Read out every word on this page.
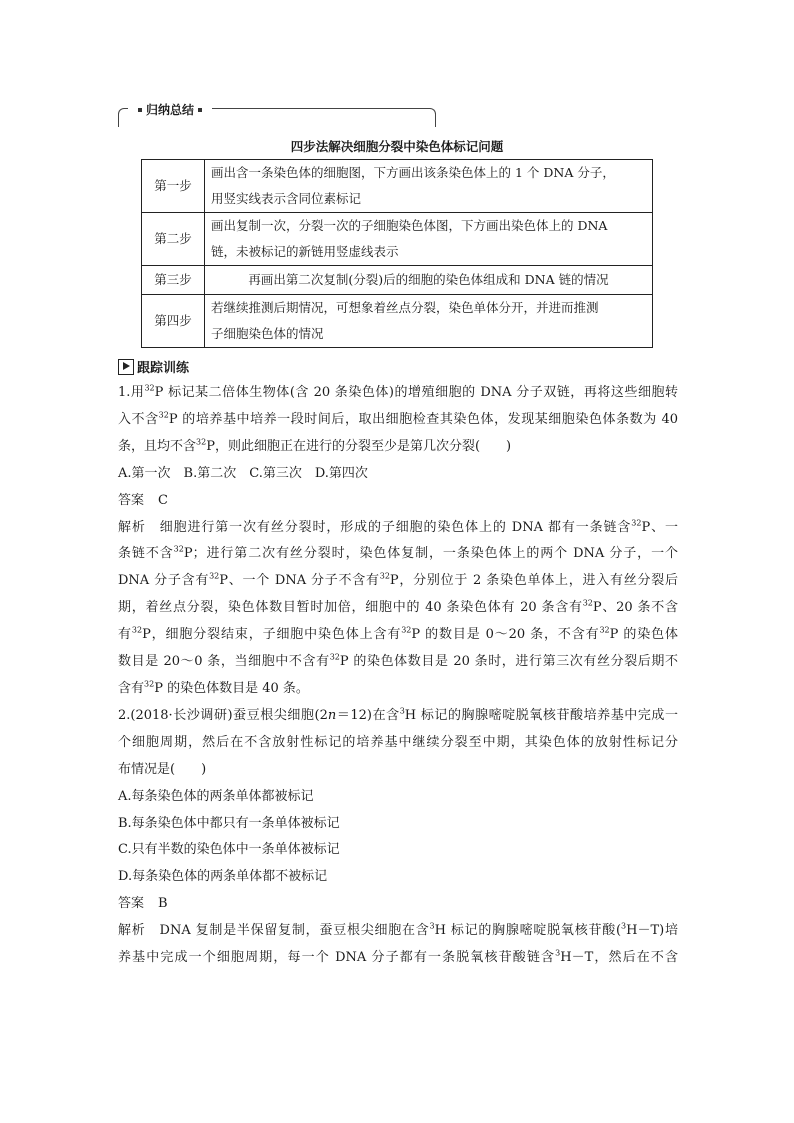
归纳总结
四步法解决细胞分裂中染色体标记问题
第一步	画出含一条染色体的细胞图，下方画出该条染色体上的 1 个 DNA 分子，
用竖实线表示含同位素标记
第二步	画出复制一次，分裂一次的子细胞染色体图，下方画出染色体上的 DNA
链，未被标记的新链用竖虚线表示
第三步	再画出第二次复制(分裂)后的细胞的染色体组成和 DNA 链的情况
第四步	若继续推测后期情况，可想象着丝点分裂，染色单体分开，并进而推测
子细胞染色体的情况
跟踪训练

1.用$^{32}$P 标记某二倍体生物体(含 20 条染色体)的增殖细胞的 DNA 分子双链，再将这些细胞转

入不含$^{32}$P 的培养基中培养一段时间后，取出细胞检查其染色体，发现某细胞染色体条数为 40

条，且均不含$^{32}$P，则此细胞正在进行的分裂至少是第几次分裂(　　)

A.第一次　B.第二次　C.第三次　D.第四次

答案 C

解析 细胞进行第一次有丝分裂时，形成的子细胞的染色体上的 DNA 都有一条链含$^{32}$P、一

条链不含$^{32}$P；进行第二次有丝分裂时，染色体复制，一条染色体上的两个 DNA 分子，一个

DNA 分子含有$^{32}$P、一个 DNA 分子不含有$^{32}$P，分别位于 2 条染色单体上，进入有丝分裂后

期，着丝点分裂，染色体数目暂时加倍，细胞中的 40 条染色体有 20 条含有$^{32}$P、20 条不含

有$^{32}$P，细胞分裂结束，子细胞中染色体上含有$^{32}$P 的数目是 0～20 条，不含有$^{32}$P 的染色体

数目是 20～0 条，当细胞中不含有$^{32}$P 的染色体数目是 20 条时，进行第三次有丝分裂后期不

含有$^{32}$P 的染色体数目是 40 条。

2.(2018·长沙调研)蚕豆根尖细胞(2n＝12)在含$^3$H 标记的胸腺嘧啶脱氧核苷酸培养基中完成一

个细胞周期，然后在不含放射性标记的培养基中继续分裂至中期，其染色体的放射性标记分

布情况是(　　)

A.每条染色体的两条单体都被标记

B.每条染色体中都只有一条单体被标记

C.只有半数的染色体中一条单体被标记

D.每条染色体的两条单体都不被标记

答案 B

解析 DNA 复制是半保留复制，蚕豆根尖细胞在含$^3$H 标记的胸腺嘧啶脱氧核苷酸($^3$H－T)培

养基中完成一个细胞周期，每一个 DNA 分子都有一条脱氧核苷酸链含$^3$H－T，然后在不含
